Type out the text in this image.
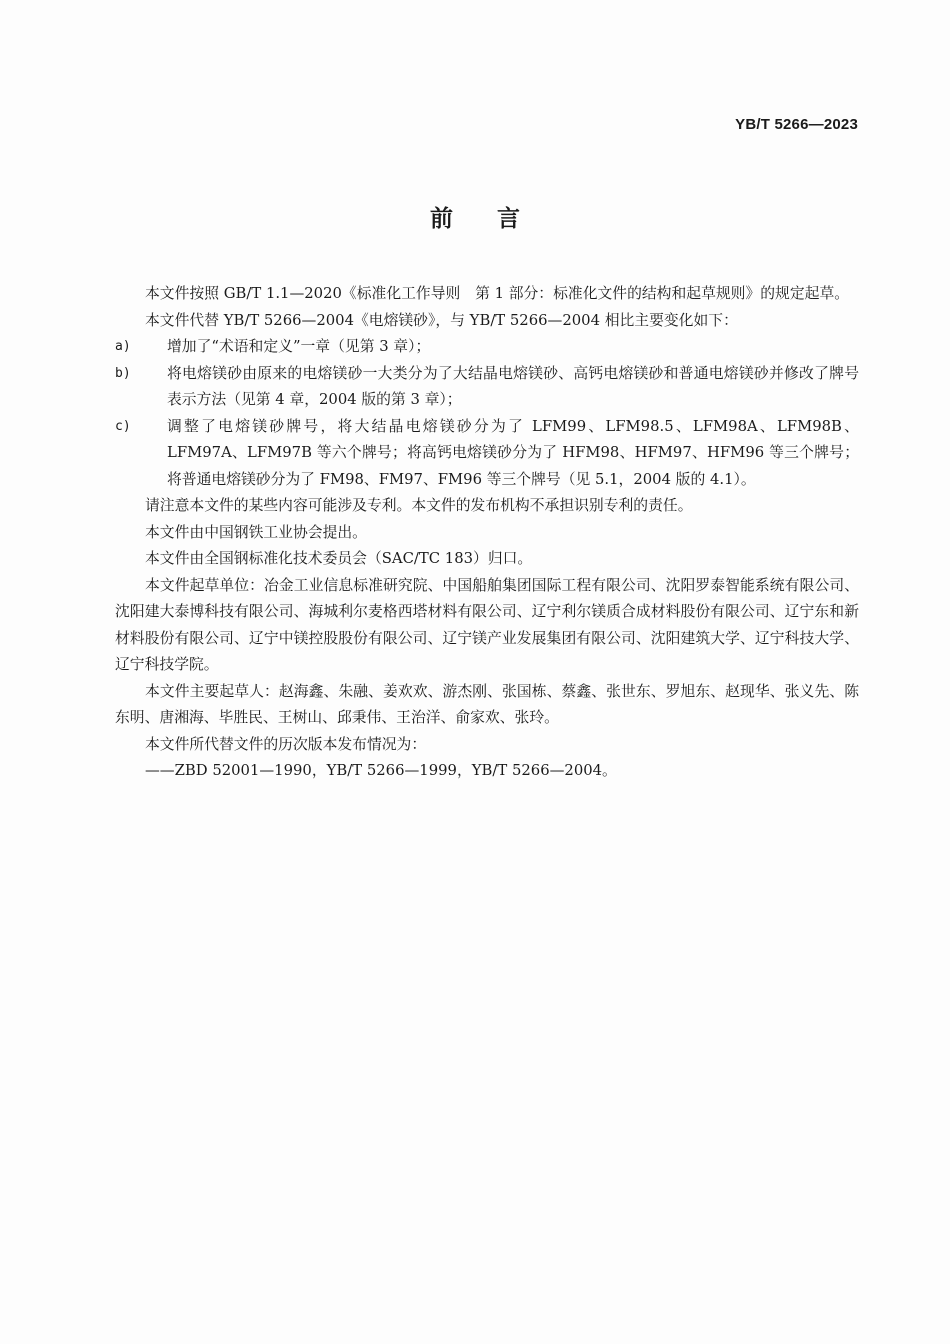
YB/T 5266—2023
前言

本文件按照 GB/T 1.1—2020《标准化工作导则　第 1 部分：标准化文件的结构和起草规则》的规定起草。

本文件代替 YB/T 5266—2004《电熔镁砂》，与 YB/T 5266—2004 相比主要变化如下：

a)	增加了“术语和定义”一章（见第 3 章）；
b)	将电熔镁砂由原来的电熔镁砂一大类分为了大结晶电熔镁砂、高钙电熔镁砂和普通电熔镁砂并修改了牌号表示方法（见第 4 章，2004 版的第 3 章）；
c)	调整了电熔镁砂牌号，将大结晶电熔镁砂分为了 LFM99、LFM98.5、LFM98A、LFM98B、LFM97A、LFM97B 等六个牌号；将高钙电熔镁砂分为了 HFM98、HFM97、HFM96 等三个牌号；将普通电熔镁砂分为了 FM98、FM97、FM96 等三个牌号（见 5.1，2004 版的 4.1）。

请注意本文件的某些内容可能涉及专利。本文件的发布机构不承担识别专利的责任。

本文件由中国钢铁工业协会提出。

本文件由全国钢标准化技术委员会（SAC/TC 183）归口。

本文件起草单位：冶金工业信息标准研究院、中国船舶集团国际工程有限公司、沈阳罗泰智能系统有限公司、沈阳建大泰博科技有限公司、海城利尔麦格西塔材料有限公司、辽宁利尔镁质合成材料股份有限公司、辽宁东和新材料股份有限公司、辽宁中镁控股股份有限公司、辽宁镁产业发展集团有限公司、沈阳建筑大学、辽宁科技大学、辽宁科技学院。

本文件主要起草人：赵海鑫、朱融、姜欢欢、游杰刚、张国栋、蔡鑫、张世东、罗旭东、赵现华、张义先、陈东明、唐湘海、毕胜民、王树山、邱秉伟、王治洋、俞家欢、张玲。

本文件所代替文件的历次版本发布情况为：

——ZBD 52001—1990，YB/T 5266—1999，YB/T 5266—2004。
